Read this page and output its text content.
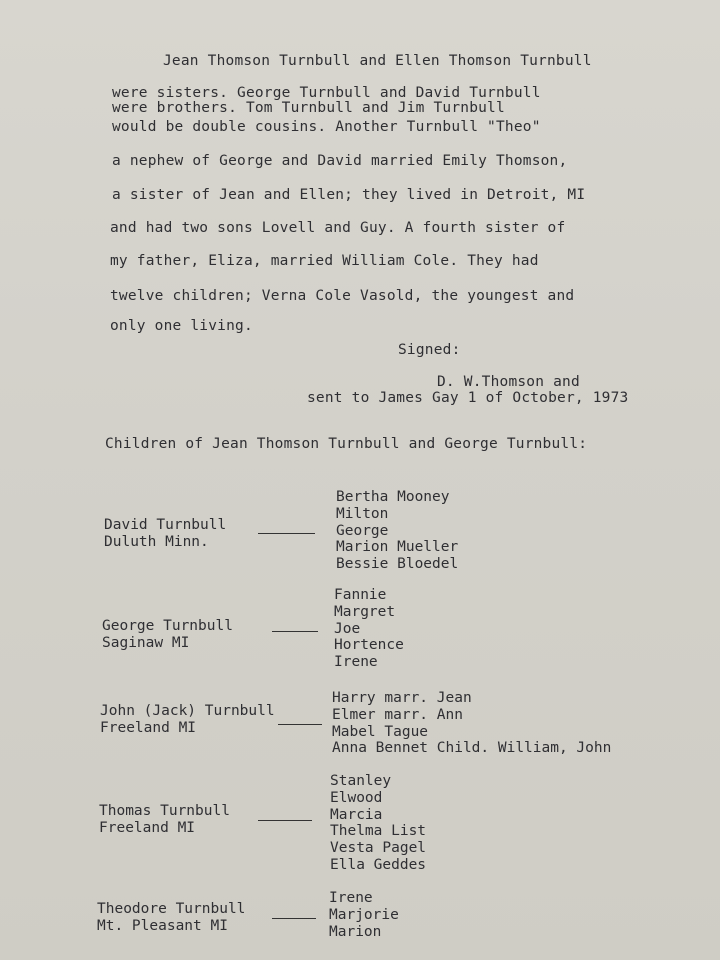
Jean Thomson Turnbull and Ellen Thomson Turnbull
were sisters. George Turnbull and David Turnbull
were brothers. Tom Turnbull and Jim Turnbull
would be double cousins. Another Turnbull "Theo"
a nephew of George and David married Emily Thomson,
a sister of Jean and Ellen; they lived in Detroit, MI
and had two sons Lovell and Guy. A fourth sister of
my father, Eliza, married William Cole. They had
twelve children; Verna Cole Vasold, the youngest and
only one living.
Signed:
D. W.Thomson and
sent to James Gay 1 of October, 1973
Children of Jean Thomson Turnbull and George Turnbull:
David Turnbull
Duluth Minn.
Bertha Mooney
Milton
George
Marion Mueller
Bessie Bloedel
George Turnbull
Saginaw MI
Fannie
Margret
Joe
Hortence
Irene
John (Jack) Turnbull
Freeland MI
Harry marr. Jean
Elmer marr. Ann
Mabel Tague
Anna Bennet Child. William, John
Thomas Turnbull
Freeland MI
Stanley
Elwood
Marcia
Thelma List
Vesta Pagel
Ella Geddes
Theodore Turnbull
Mt. Pleasant MI
Irene
Marjorie
Marion
